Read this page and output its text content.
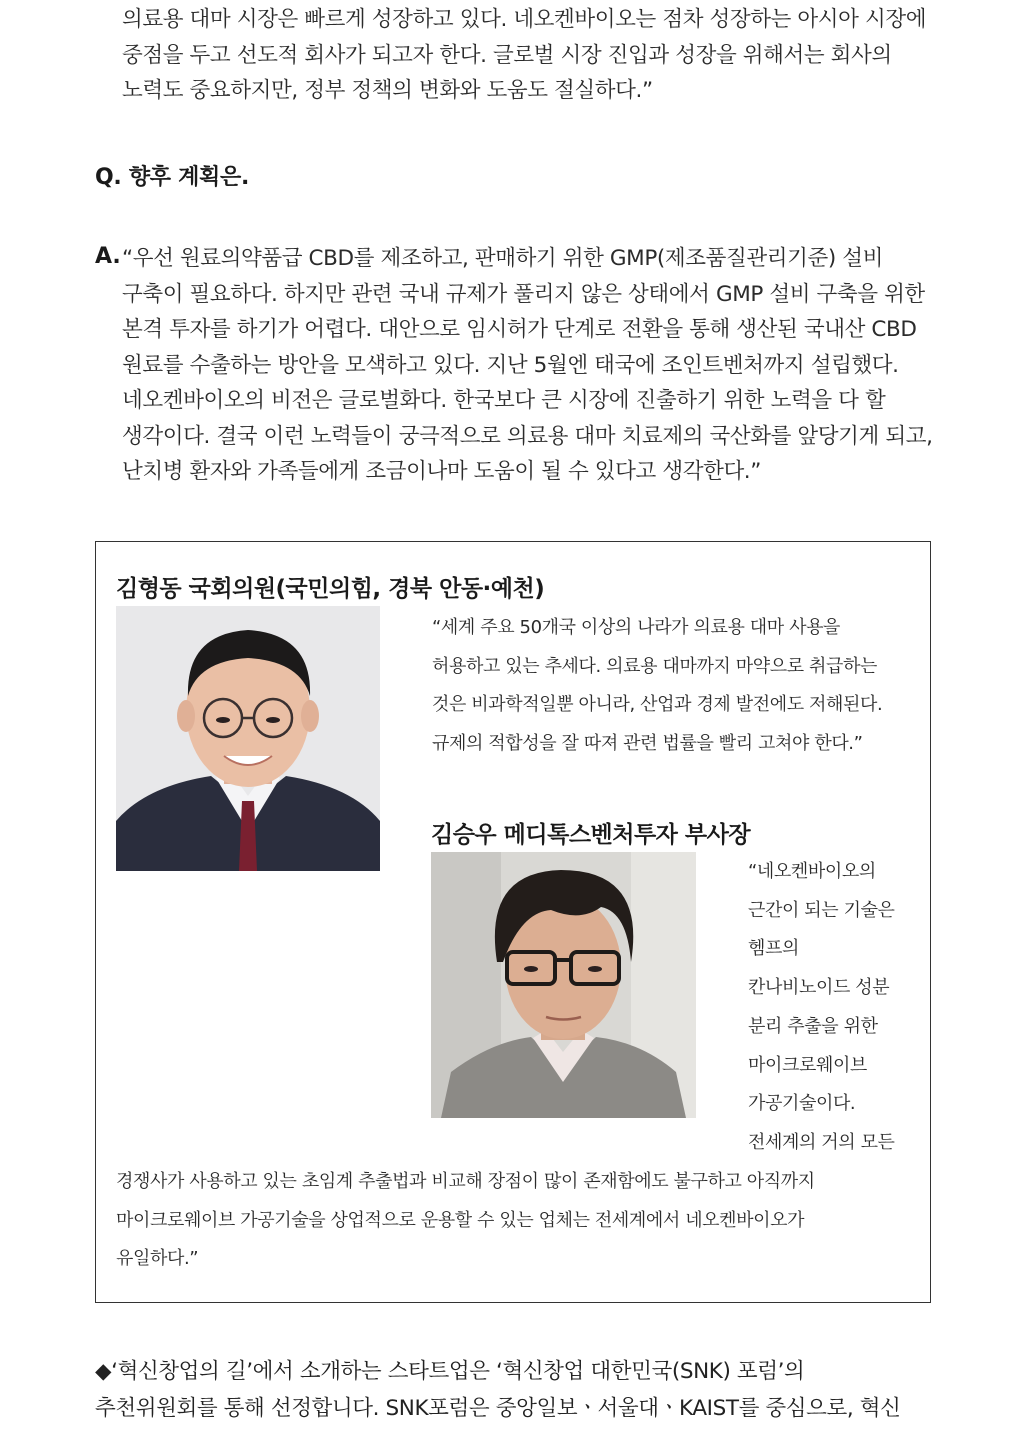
의료용 대마 시장은 빠르게 성장하고 있다. 네오켄바이오는 점차 성장하는 아시아 시장에

중점을 두고 선도적 회사가 되고자 한다. 글로벌 시장 진입과 성장을 위해서는 회사의

노력도 중요하지만, 정부 정책의 변화와 도움도 절실하다.”

Q. 향후 계획은.
A. “우선 원료의약품급 CBD를 제조하고, 판매하기 위한 GMP(제조품질관리기준) 설비

구축이 필요하다. 하지만 관련 국내 규제가 풀리지 않은 상태에서 GMP 설비 구축을 위한

본격 투자를 하기가 어렵다. 대안으로 임시허가 단계로 전환을 통해 생산된 국내산 CBD

원료를 수출하는 방안을 모색하고 있다. 지난 5월엔 태국에 조인트벤처까지 설립했다.

네오켄바이오의 비전은 글로벌화다. 한국보다 큰 시장에 진출하기 위한 노력을 다 할

생각이다. 결국 이런 노력들이 궁극적으로 의료용 대마 치료제의 국산화를 앞당기게 되고,

난치병 환자와 가족들에게 조금이나마 도움이 될 수 있다고 생각한다.”

김형동 국회의원(국민의힘, 경북 안동·예천)

“세계 주요 50개국 이상의 나라가 의료용 대마 사용을

허용하고 있는 추세다. 의료용 대마까지 마약으로 취급하는

것은 비과학적일뿐 아니라, 산업과 경제 발전에도 저해된다.

규제의 적합성을 잘 따져 관련 법률을 빨리 고쳐야 한다.”

김승우 메디톡스벤처투자 부사장

“네오켄바이오의

근간이 되는 기술은

헴프의

칸나비노이드 성분

분리 추출을 위한

마이크로웨이브

가공기술이다.

전세계의 거의 모든

경쟁사가 사용하고 있는 초임계 추출법과 비교해 장점이 많이 존재함에도 불구하고 아직까지

마이크로웨이브 가공기술을 상업적으로 운용할 수 있는 업체는 전세계에서 네오켄바이오가

유일하다.”

◆‘혁신창업의 길’에서 소개하는 스타트업은 ‘혁신창업 대한민국(SNK) 포럼’의

추천위원회를 통해 선정합니다. SNK포럼은 중앙일보ㆍ서울대ㆍKAIST를 중심으로, 혁신
